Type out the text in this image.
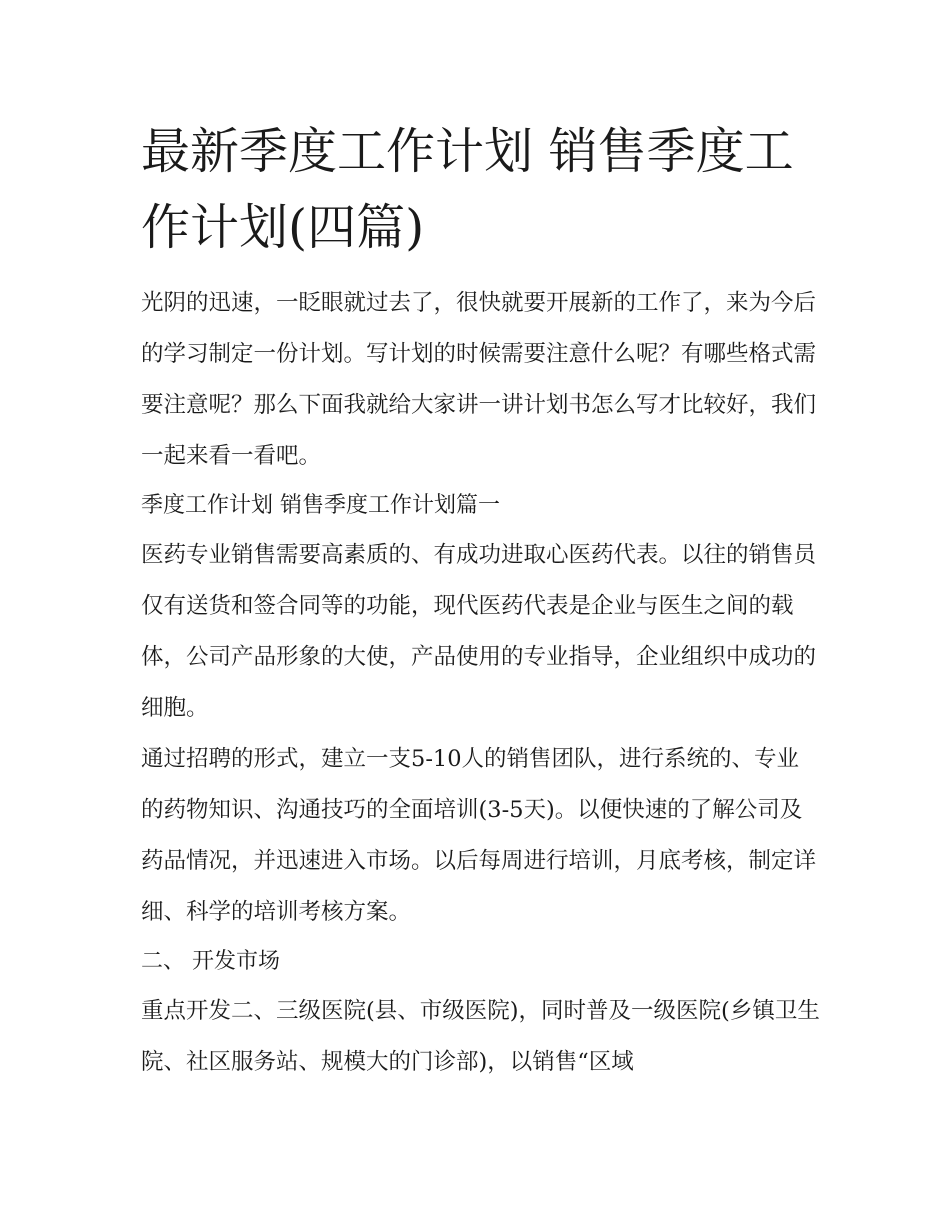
最新季度工作计划 销售季度工作计划(四篇)

光阴的迅速，一眨眼就过去了，很快就要开展新的工作了，来为今后的学习制定一份计划。写计划的时候需要注意什么呢？有哪些格式需要注意呢？那么下面我就给大家讲一讲计划书怎么写才比较好，我们一起来看一看吧。

季度工作计划 销售季度工作计划篇一

医药专业销售需要高素质的、有成功进取心医药代表。以往的销售员仅有送货和签合同等的功能，现代医药代表是企业与医生之间的载体，公司产品形象的大使，产品使用的专业指导，企业组织中成功的细胞。

通过招聘的形式，建立一支5-10人的销售团队，进行系统的、专业的药物知识、沟通技巧的全面培训(3-5天)。以便快速的了解公司及药品情况，并迅速进入市场。以后每周进行培训，月底考核，制定详细、科学的培训考核方案。

二、 开发市场

重点开发二、三级医院(县、市级医院)，同时普及一级医院(乡镇卫生院、社区服务站、规模大的门诊部)，以销售“区域
